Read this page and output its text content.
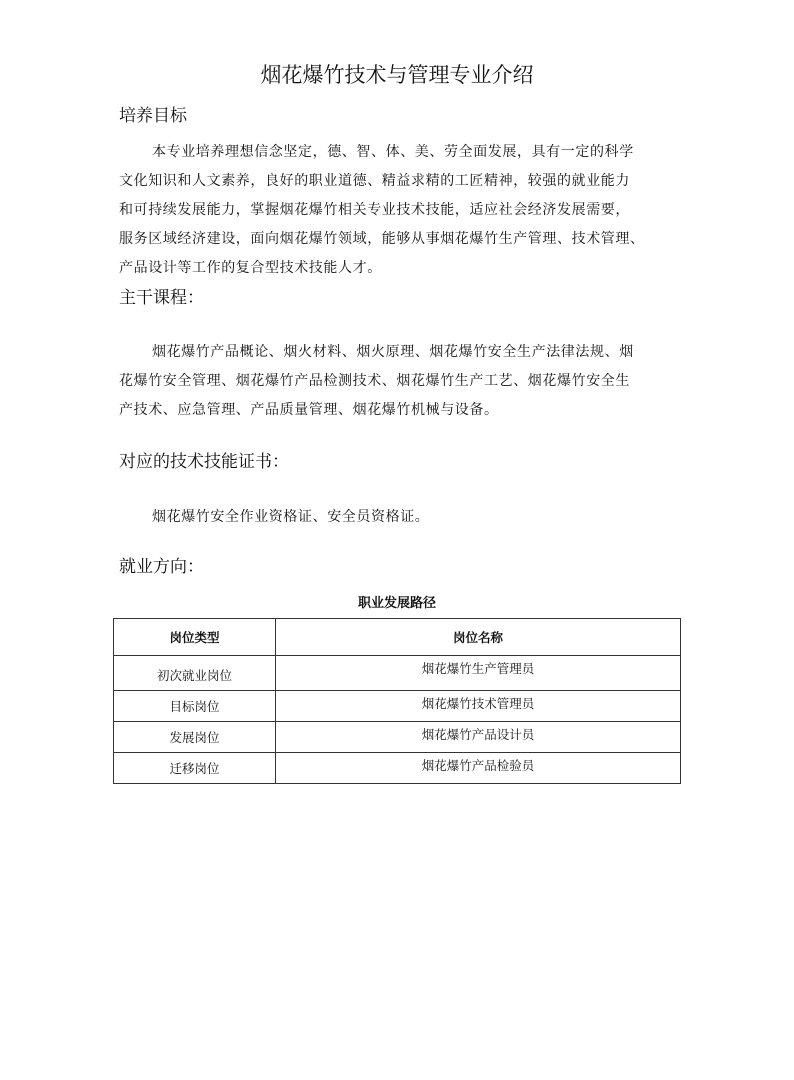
烟花爆竹技术与管理专业介绍
培养目标
本专业培养理想信念坚定，德、智、体、美、劳全面发展，具有一定的科学
文化知识和人文素养，良好的职业道德、精益求精的工匠精神，较强的就业能力
和可持续发展能力，掌握烟花爆竹相关专业技术技能，适应社会经济发展需要，
服务区域经济建设，面向烟花爆竹领域，能够从事烟花爆竹生产管理、技术管理、
产品设计等工作的复合型技术技能人才。
主干课程：
烟花爆竹产品概论、烟火材料、烟火原理、烟花爆竹安全生产法律法规、烟
花爆竹安全管理、烟花爆竹产品检测技术、烟花爆竹生产工艺、烟花爆竹安全生
产技术、应急管理、产品质量管理、烟花爆竹机械与设备。
对应的技术技能证书：
烟花爆竹安全作业资格证、安全员资格证。
就业方向：

职业发展路径

岗位类型	岗位名称
初次就业岗位	烟花爆竹生产管理员
目标岗位	烟花爆竹技术管理员
发展岗位	烟花爆竹产品设计员
迁移岗位	烟花爆竹产品检验员
